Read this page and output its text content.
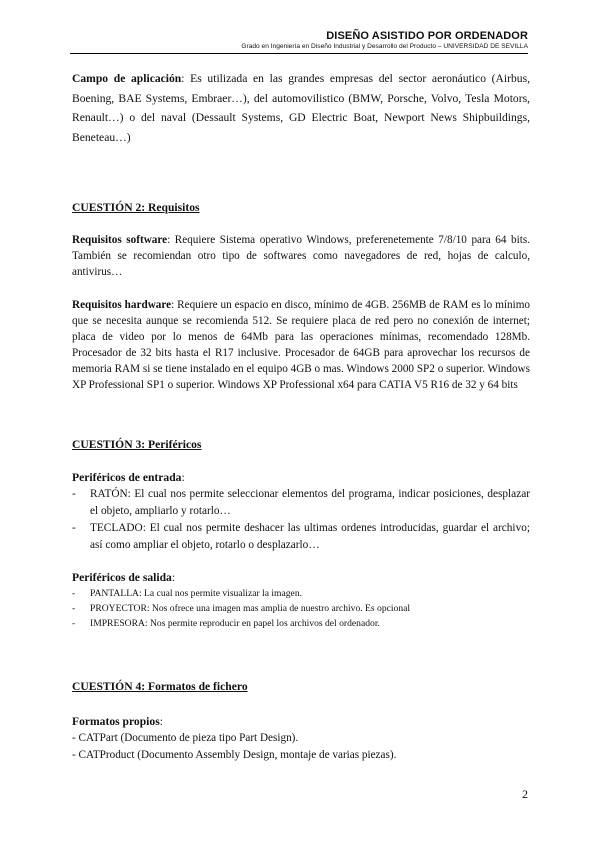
DISEÑO ASISTIDO POR ORDENADOR
Grado en Ingeniería en Diseño Industrial y Desarrollo del Producto – UNIVERSIDAD DE SEVILLA

Campo de aplicación: Es utilizada en las grandes empresas del sector aeronáutico (Airbus, Boening, BAE Systems, Embraer…), del automovilistico (BMW, Porsche, Volvo, Tesla Motors, Renault…) o del naval (Dessault Systems, GD Electric Boat, Newport News Shipbuildings, Beneteau…)

CUESTIÓN 2: Requisitos

Requisitos software: Requiere Sistema operativo Windows, preferenetemente 7/8/10 para 64 bits. También se recomiendan otro tipo de softwares como navegadores de red, hojas de calculo, antivirus…

Requisitos hardware: Requiere un espacio en disco, mínimo de 4GB. 256MB de RAM es lo mínimo que se necesita aunque se recomienda 512. Se requiere placa de red pero no conexión de internet; placa de video por lo menos de 64Mb para las operaciones mínimas, recomendado 128Mb. Procesador de 32 bits hasta el R17 inclusive. Procesador de 64GB para aprovechar los recursos de memoria RAM si se tiene instalado en el equipo 4GB o mas. Windows 2000 SP2 o superior. Windows XP Professional SP1 o superior. Windows XP Professional x64 para CATIA V5 R16 de 32 y 64 bits

CUESTIÓN 3: Periféricos

Periféricos de entrada:

- RATÓN: El cual nos permite seleccionar elementos del programa, indicar posiciones, desplazar el objeto, ampliarlo y rotarlo…
- TECLADO: El cual nos permite deshacer las ultimas ordenes introducidas, guardar el archivo; así como ampliar el objeto, rotarlo o desplazarlo…

Periféricos de salida:

- PANTALLA: La cual nos permite visualizar la imagen.
- PROYECTOR: Nos ofrece una imagen mas amplia de nuestro archivo. Es opcional
- IMPRESORA: Nos permite reproducir en papel los archivos del ordenador.

CUESTIÓN 4: Formatos de fichero

Formatos propios:

- CATPart (Documento de pieza tipo Part Design).
- CATProduct (Documento Assembly Design, montaje de varias piezas).
2
